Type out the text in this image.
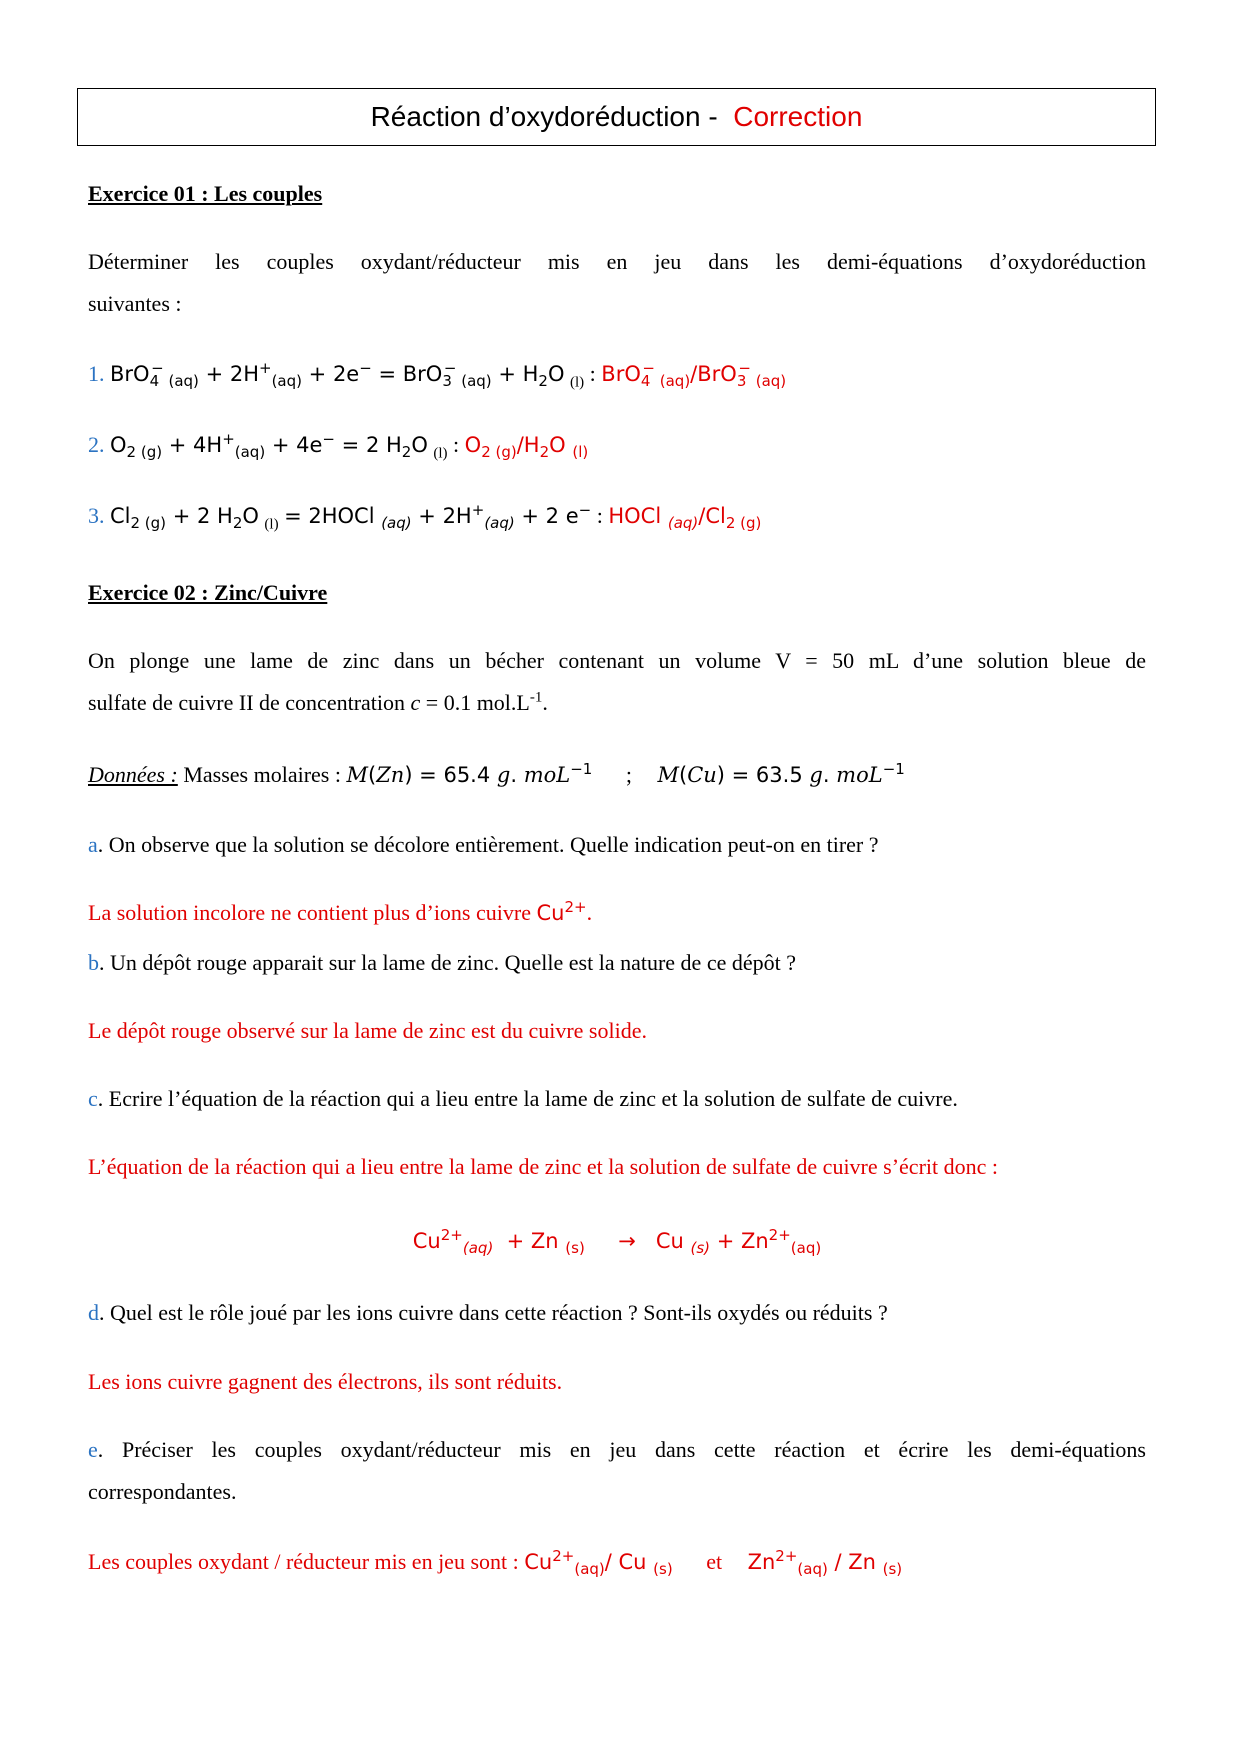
Réaction d’oxydoréduction -
Correction
Exercice 01 : Les couples
Déterminer les couples oxydant/réducteur mis en jeu dans les demi-équations d’oxydoréduction
suivantes :
1. BrO$_4$− $_{(aq)} + 2H^+_{(aq)} + 2e^- = BrO_3^-$ $_{(aq)} + H_2O$ $_{(l)}$ : BrO$_4$− $_{(aq)}$/BrO$_3$− $_{(aq)}$
2. $O_{2 (g)} + 4H^+_{(aq)} + 4e^- = 2$ $H_2O$ $_{(l)}$ : $O_{2 (g)}/H_2O$ $_{(l)}$
3. $Cl_{2 (g)} + 2$ $H_2O$ $_{(l)}$ = 2HOCl $_{(aq)} + 2H^+_{(aq)} + 2$ e− : HOCl $_{(aq)}/Cl_{2 (g)}$
Exercice 02 : Zinc/Cuivre
On plonge une lame de zinc dans un bécher contenant un volume V = 50 mL d’une solution bleue de
sulfate de cuivre II de concentration c = 0.1 $mol.L^{-1}$.
Données : Masses molaires : M(Zn) = 65.4 g. moL$^{-1}$ ; M(Cu) = 63.5 g. moL$^{-1}$
a. On observe que la solution se décolore entièrement. Quelle indication peut-on en tirer ?
La solution incolore ne contient plus d’ions cuivre $Cu^{2+}$.
b. Un dépôt rouge apparait sur la lame de zinc. Quelle est la nature de ce dépôt ?
Le dépôt rouge observé sur la lame de zinc est du cuivre solide.
c. Ecrire l’équation de la réaction qui a lieu entre la lame de zinc et la solution de sulfate de cuivre.
L’équation de la réaction qui a lieu entre la lame de zinc et la solution de sulfate de cuivre s’écrit donc :
$Cu^{2+}_{(aq)} + Zn$ $_{(s)}$     →   Cu $_{(s)} + Zn^{2+}_{(aq)}$
d. Quel est le rôle joué par les ions cuivre dans cette réaction ? Sont-ils oxydés ou réduits ?
Les ions cuivre gagnent des électrons, ils sont réduits.
e. Préciser les couples oxydant/réducteur mis en jeu dans cette réaction et écrire les demi-équations
correspondantes.
Les couples oxydant / réducteur mis en jeu sont : $Cu^{2+}_{(aq)}/$ Cu $_{(s)}$ et $Zn^{2+}_{(aq)}$ / Zn $_{(s)}$
